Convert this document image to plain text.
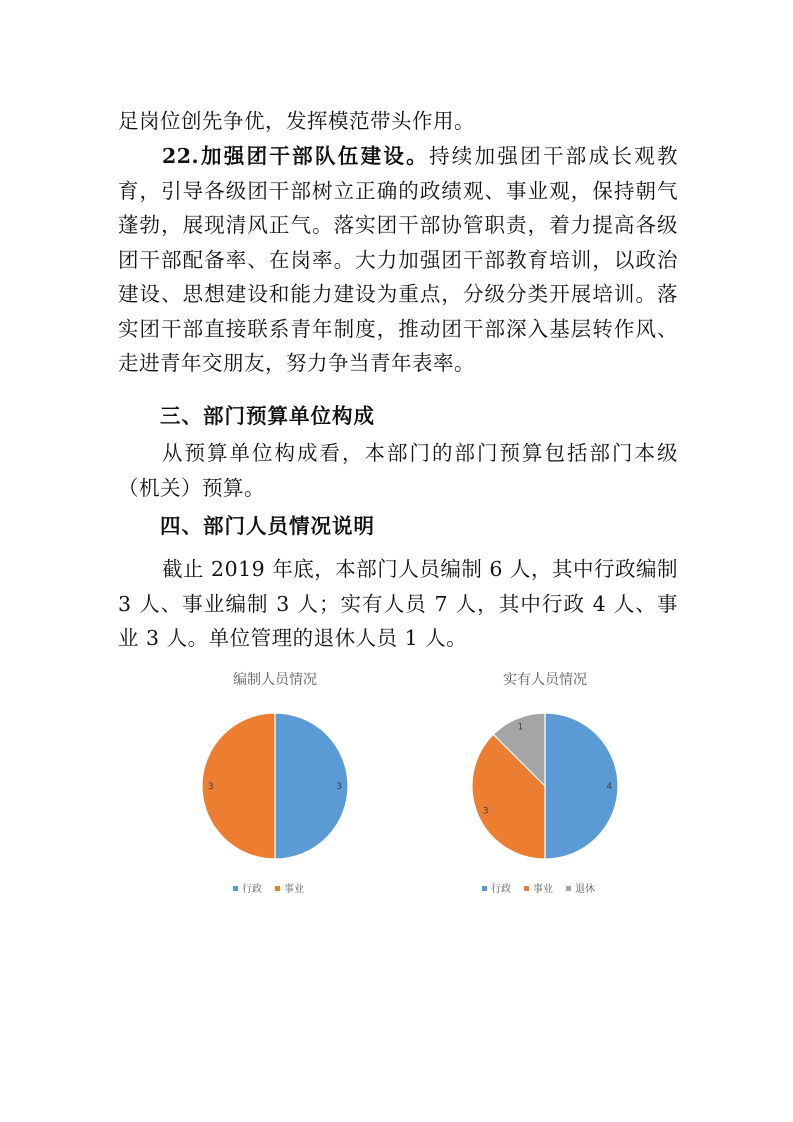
足岗位创先争优，发挥模范带头作用。

22.加强团干部队伍建设。持续加强团干部成长观教育，引导各级团干部树立正确的政绩观、事业观，保持朝气蓬勃，展现清风正气。落实团干部协管职责，着力提高各级团干部配备率、在岗率。大力加强团干部教育培训，以政治建设、思想建设和能力建设为重点，分级分类开展培训。落实团干部直接联系青年制度，推动团干部深入基层转作风、走进青年交朋友，努力争当青年表率。

三、部门预算单位构成

从预算单位构成看，本部门的部门预算包括部门本级（机关）预算。

四、部门人员情况说明

截止 2019 年底，本部门人员编制 6 人，其中行政编制 3 人、事业编制 3 人；实有人员 7 人，其中行政 4 人、事业 3 人。单位管理的退休人员 1 人。

编制人员情况
3
3
行政 事业
实有人员情况
4
3
1
行政 事业 退休
